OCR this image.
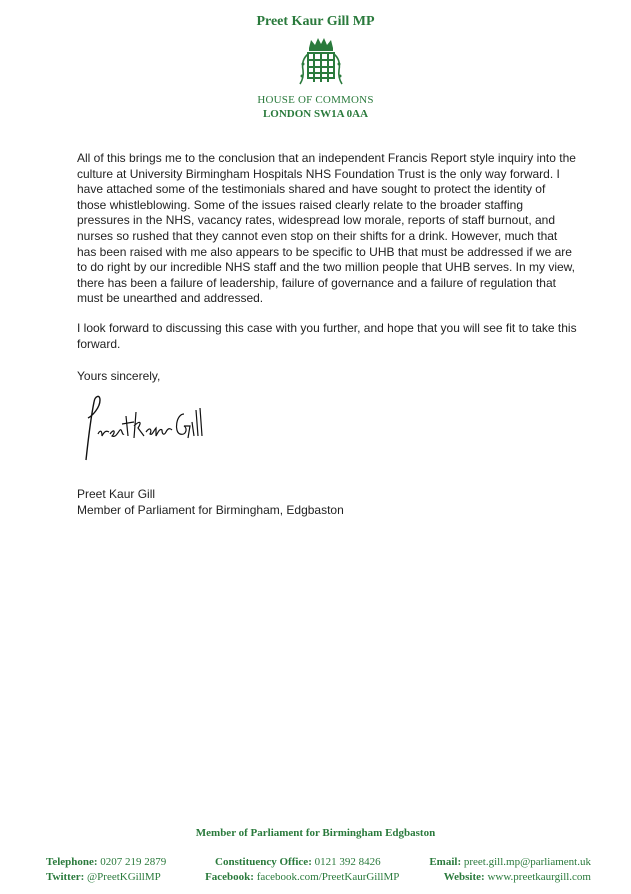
Preet Kaur Gill MP
HOUSE OF COMMONS
LONDON SW1A 0AA
All of this brings me to the conclusion that an independent Francis Report style inquiry into the culture at University Birmingham Hospitals NHS Foundation Trust is the only way forward. I have attached some of the testimonials shared and have sought to protect the identity of those whistleblowing. Some of the issues raised clearly relate to the broader staffing pressures in the NHS, vacancy rates, widespread low morale, reports of staff burnout, and nurses so rushed that they cannot even stop on their shifts for a drink. However, much that has been raised with me also appears to be specific to UHB that must be addressed if we are to do right by our incredible NHS staff and the two million people that UHB serves. In my view, there has been a failure of leadership, failure of governance and a failure of regulation that must be unearthed and addressed.
I look forward to discussing this case with you further, and hope that you will see fit to take this forward.
Yours sincerely,
Preet Kaur Gill
Member of Parliament for Birmingham, Edgbaston
Member of Parliament for Birmingham Edgbaston
Telephone: 0207 219 2879	Constituency Office: 0121 392 8426	Email: preet.gill.mp@parliament.uk
Twitter: @PreetKGillMP	Facebook: facebook.com/PreetKaurGillMP	Website: www.preetkaurgill.com
